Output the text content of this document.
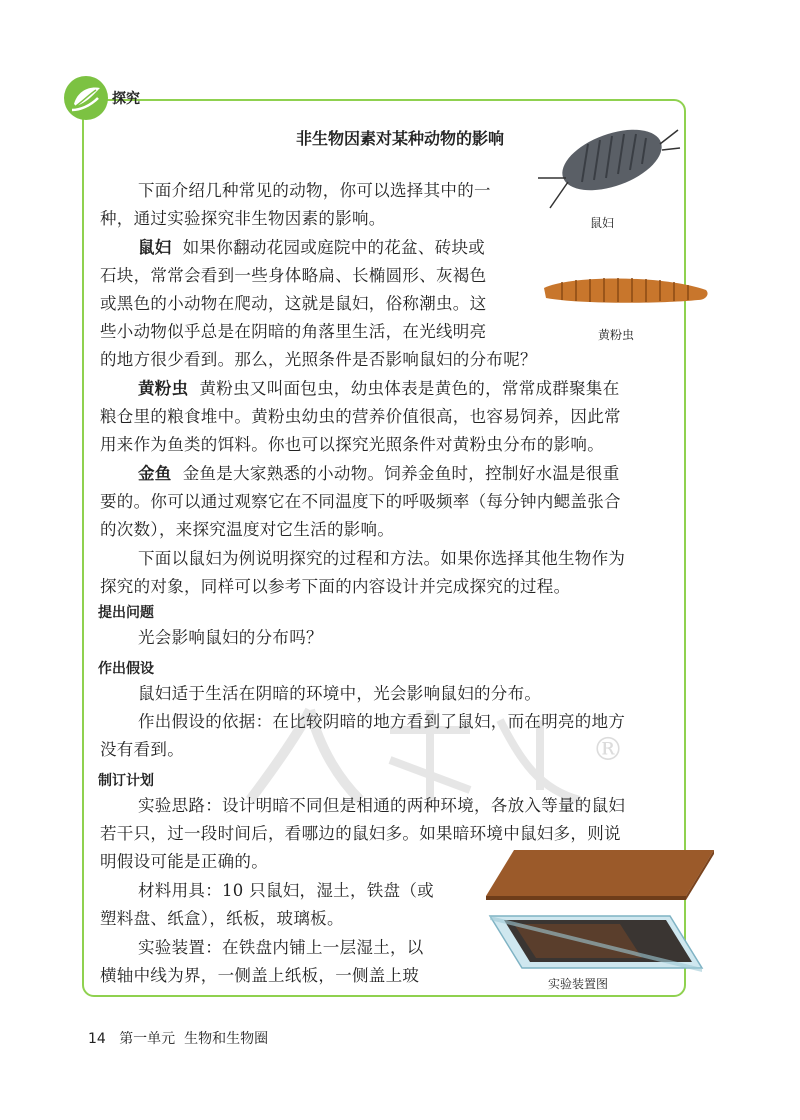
探究
非生物因素对某种动物的影响
®
鼠妇
黄粉虫
下面介绍几种常见的动物，你可以选择其中的一
种，通过实验探究非生物因素的影响。
鼠妇 如果你翻动花园或庭院中的花盆、砖块或
石块，常常会看到一些身体略扁、长椭圆形、灰褐色
或黑色的小动物在爬动，这就是鼠妇，俗称潮虫。这
些小动物似乎总是在阴暗的角落里生活，在光线明亮
的地方很少看到。那么，光照条件是否影响鼠妇的分布呢？
黄粉虫 黄粉虫又叫面包虫，幼虫体表是黄色的，常常成群聚集在
粮仓里的粮食堆中。黄粉虫幼虫的营养价值很高，也容易饲养，因此常
用来作为鱼类的饵料。你也可以探究光照条件对黄粉虫分布的影响。
金鱼 金鱼是大家熟悉的小动物。饲养金鱼时，控制好水温是很重
要的。你可以通过观察它在不同温度下的呼吸频率（每分钟内鳃盖张合
的次数），来探究温度对它生活的影响。
下面以鼠妇为例说明探究的过程和方法。如果你选择其他生物作为
探究的对象，同样可以参考下面的内容设计并完成探究的过程。
提出问题
光会影响鼠妇的分布吗？
作出假设
鼠妇适于生活在阴暗的环境中，光会影响鼠妇的分布。
作出假设的依据：在比较阴暗的地方看到了鼠妇，而在明亮的地方
没有看到。
制订计划
实验思路：设计明暗不同但是相通的两种环境，各放入等量的鼠妇
若干只，过一段时间后，看哪边的鼠妇多。如果暗环境中鼠妇多，则说
明假设可能是正确的。
材料用具：10 只鼠妇，湿土，铁盘（或
塑料盘、纸盒），纸板，玻璃板。
实验装置：在铁盘内铺上一层湿土，以
横轴中线为界，一侧盖上纸板，一侧盖上玻	实验装置图
14 第一单元 生物和生物圈
